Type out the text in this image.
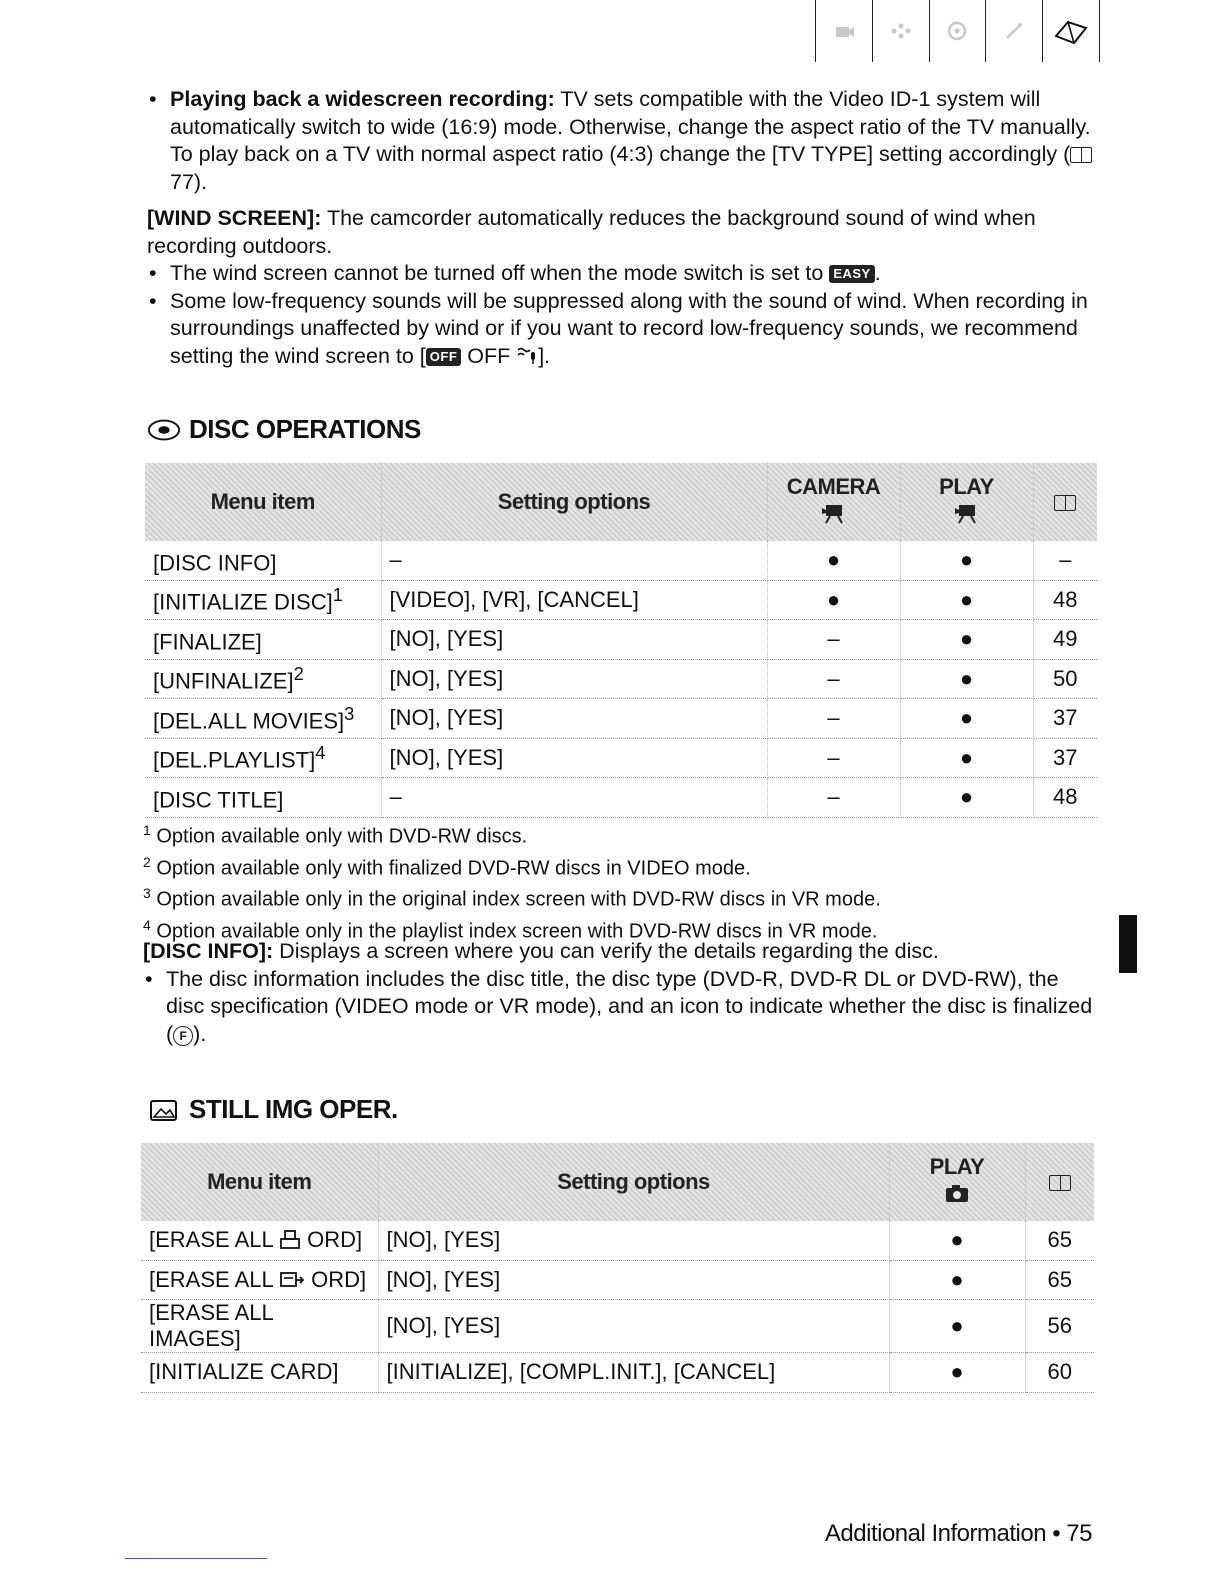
• Playing back a widescreen recording: TV sets compatible with the Video ID-1 system will automatically switch to wide (16:9) mode. Otherwise, change the aspect ratio of the TV manually. To play back on a TV with normal aspect ratio (4:3) change the [TV TYPE] setting accordingly ( 77).
[WIND SCREEN]: The camcorder automatically reduces the background sound of wind when recording outdoors.
• The wind screen cannot be turned off when the mode switch is set to EASY .
• Some low-frequency sounds will be suppressed along with the sound of wind. When recording in surroundings unaffected by wind or if you want to record low-frequency sounds, we recommend setting the wind screen to [ OFF OFF ].
DISC OPERATIONS
Menu item	Setting options	CAMERA	PLAY	

[DISC INFO]	–	●	●	–
[INITIALIZE DISC]$^1$	[VIDEO], [VR], [CANCEL]	●	●	48
[FINALIZE]	[NO], [YES]	–	●	49
[UNFINALIZE]$^2$	[NO], [YES]	–	●	50
[DEL.ALL MOVIES]$^3$	[NO], [YES]	–	●	37
[DEL.PLAYLIST]$^4$	[NO], [YES]	–	●	37
[DISC TITLE]	–	–	●	48
$^1$ Option available only with DVD-RW discs.
$^2$ Option available only with finalized DVD-RW discs in VIDEO mode.
$^3$ Option available only in the original index screen with DVD-RW discs in VR mode.
$^4$ Option available only in the playlist index screen with DVD-RW discs in VR mode.
[DISC INFO]: Displays a screen where you can verify the details regarding the disc.
• The disc information includes the disc title, the disc type (DVD-R, DVD-R DL or DVD-RW), the disc specification (VIDEO mode or VR mode), and an icon to indicate whether the disc is finalized ( F ).
STILL IMG OPER.
Menu item	Setting options	PLAY	

[ERASE ALL  ORD]	[NO], [YES]	●	65
[ERASE ALL  ORD]	[NO], [YES]	●	65
[ERASE ALL IMAGES]	[NO], [YES]	●	56
[INITIALIZE CARD]	[INITIALIZE], [COMPL.INIT.], [CANCEL]	●	60
Additional Information • 75
